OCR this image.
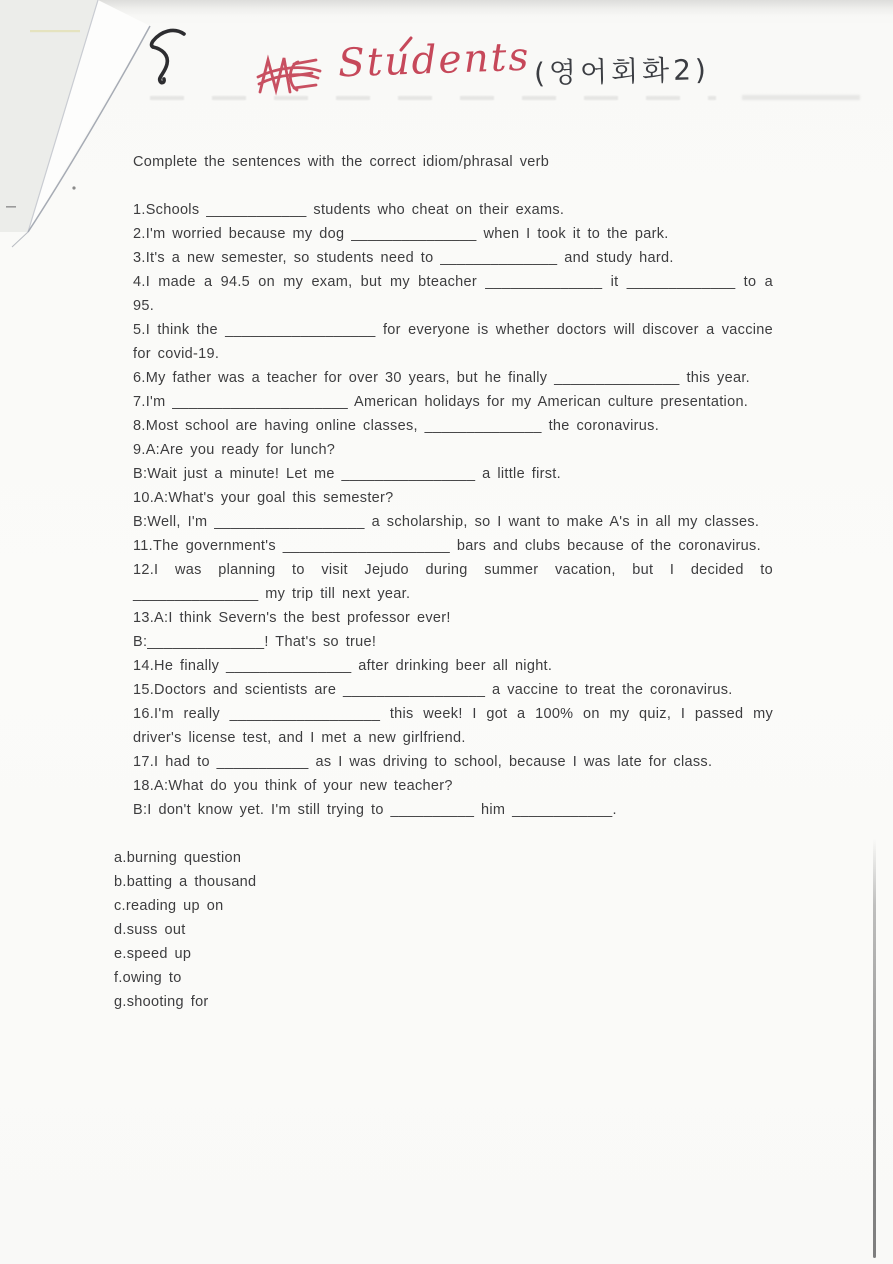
Students (영어회화2)

Complete the sentences with the correct idiom/phrasal verb

1.Schools ____________ students who cheat on their exams.

2.I'm worried because my dog _______________ when I took it to the park.

3.It's a new semester, so students need to ______________ and study hard.

4.I made a 94.5 on my exam, but my bteacher ______________ it _____________ to a 95.

5.I think the __________________ for everyone is whether doctors will discover a vaccine for covid-19.

6.My father was a teacher for over 30 years, but he finally _______________ this year.

7.I'm _____________________ American holidays for my American culture presentation.

8.Most school are having online classes, ______________ the coronavirus.

9.A:Are you ready for lunch?

B:Wait just a minute! Let me ________________ a little first.

10.A:What's your goal this semester?

B:Well, I'm __________________ a scholarship, so I want to make A's in all my classes.

11.The government's ____________________ bars and clubs because of the coronavirus.

12.I was planning to visit Jejudo during summer vacation, but I decided to _______________ my trip till next year.

13.A:I think Severn's the best professor ever!

B:______________! That's so true!

14.He finally _______________ after drinking beer all night.

15.Doctors and scientists are _________________ a vaccine to treat the coronavirus.

16.I'm really __________________ this week! I got a 100% on my quiz, I passed my driver's license test, and I met a new girlfriend.

17.I had to ___________ as I was driving to school, because I was late for class.

18.A:What do you think of your new teacher?

B:I don't know yet. I'm still trying to __________ him ____________.

a.burning question

b.batting a thousand

c.reading up on

d.suss out

e.speed up

f.owing to

g.shooting for
